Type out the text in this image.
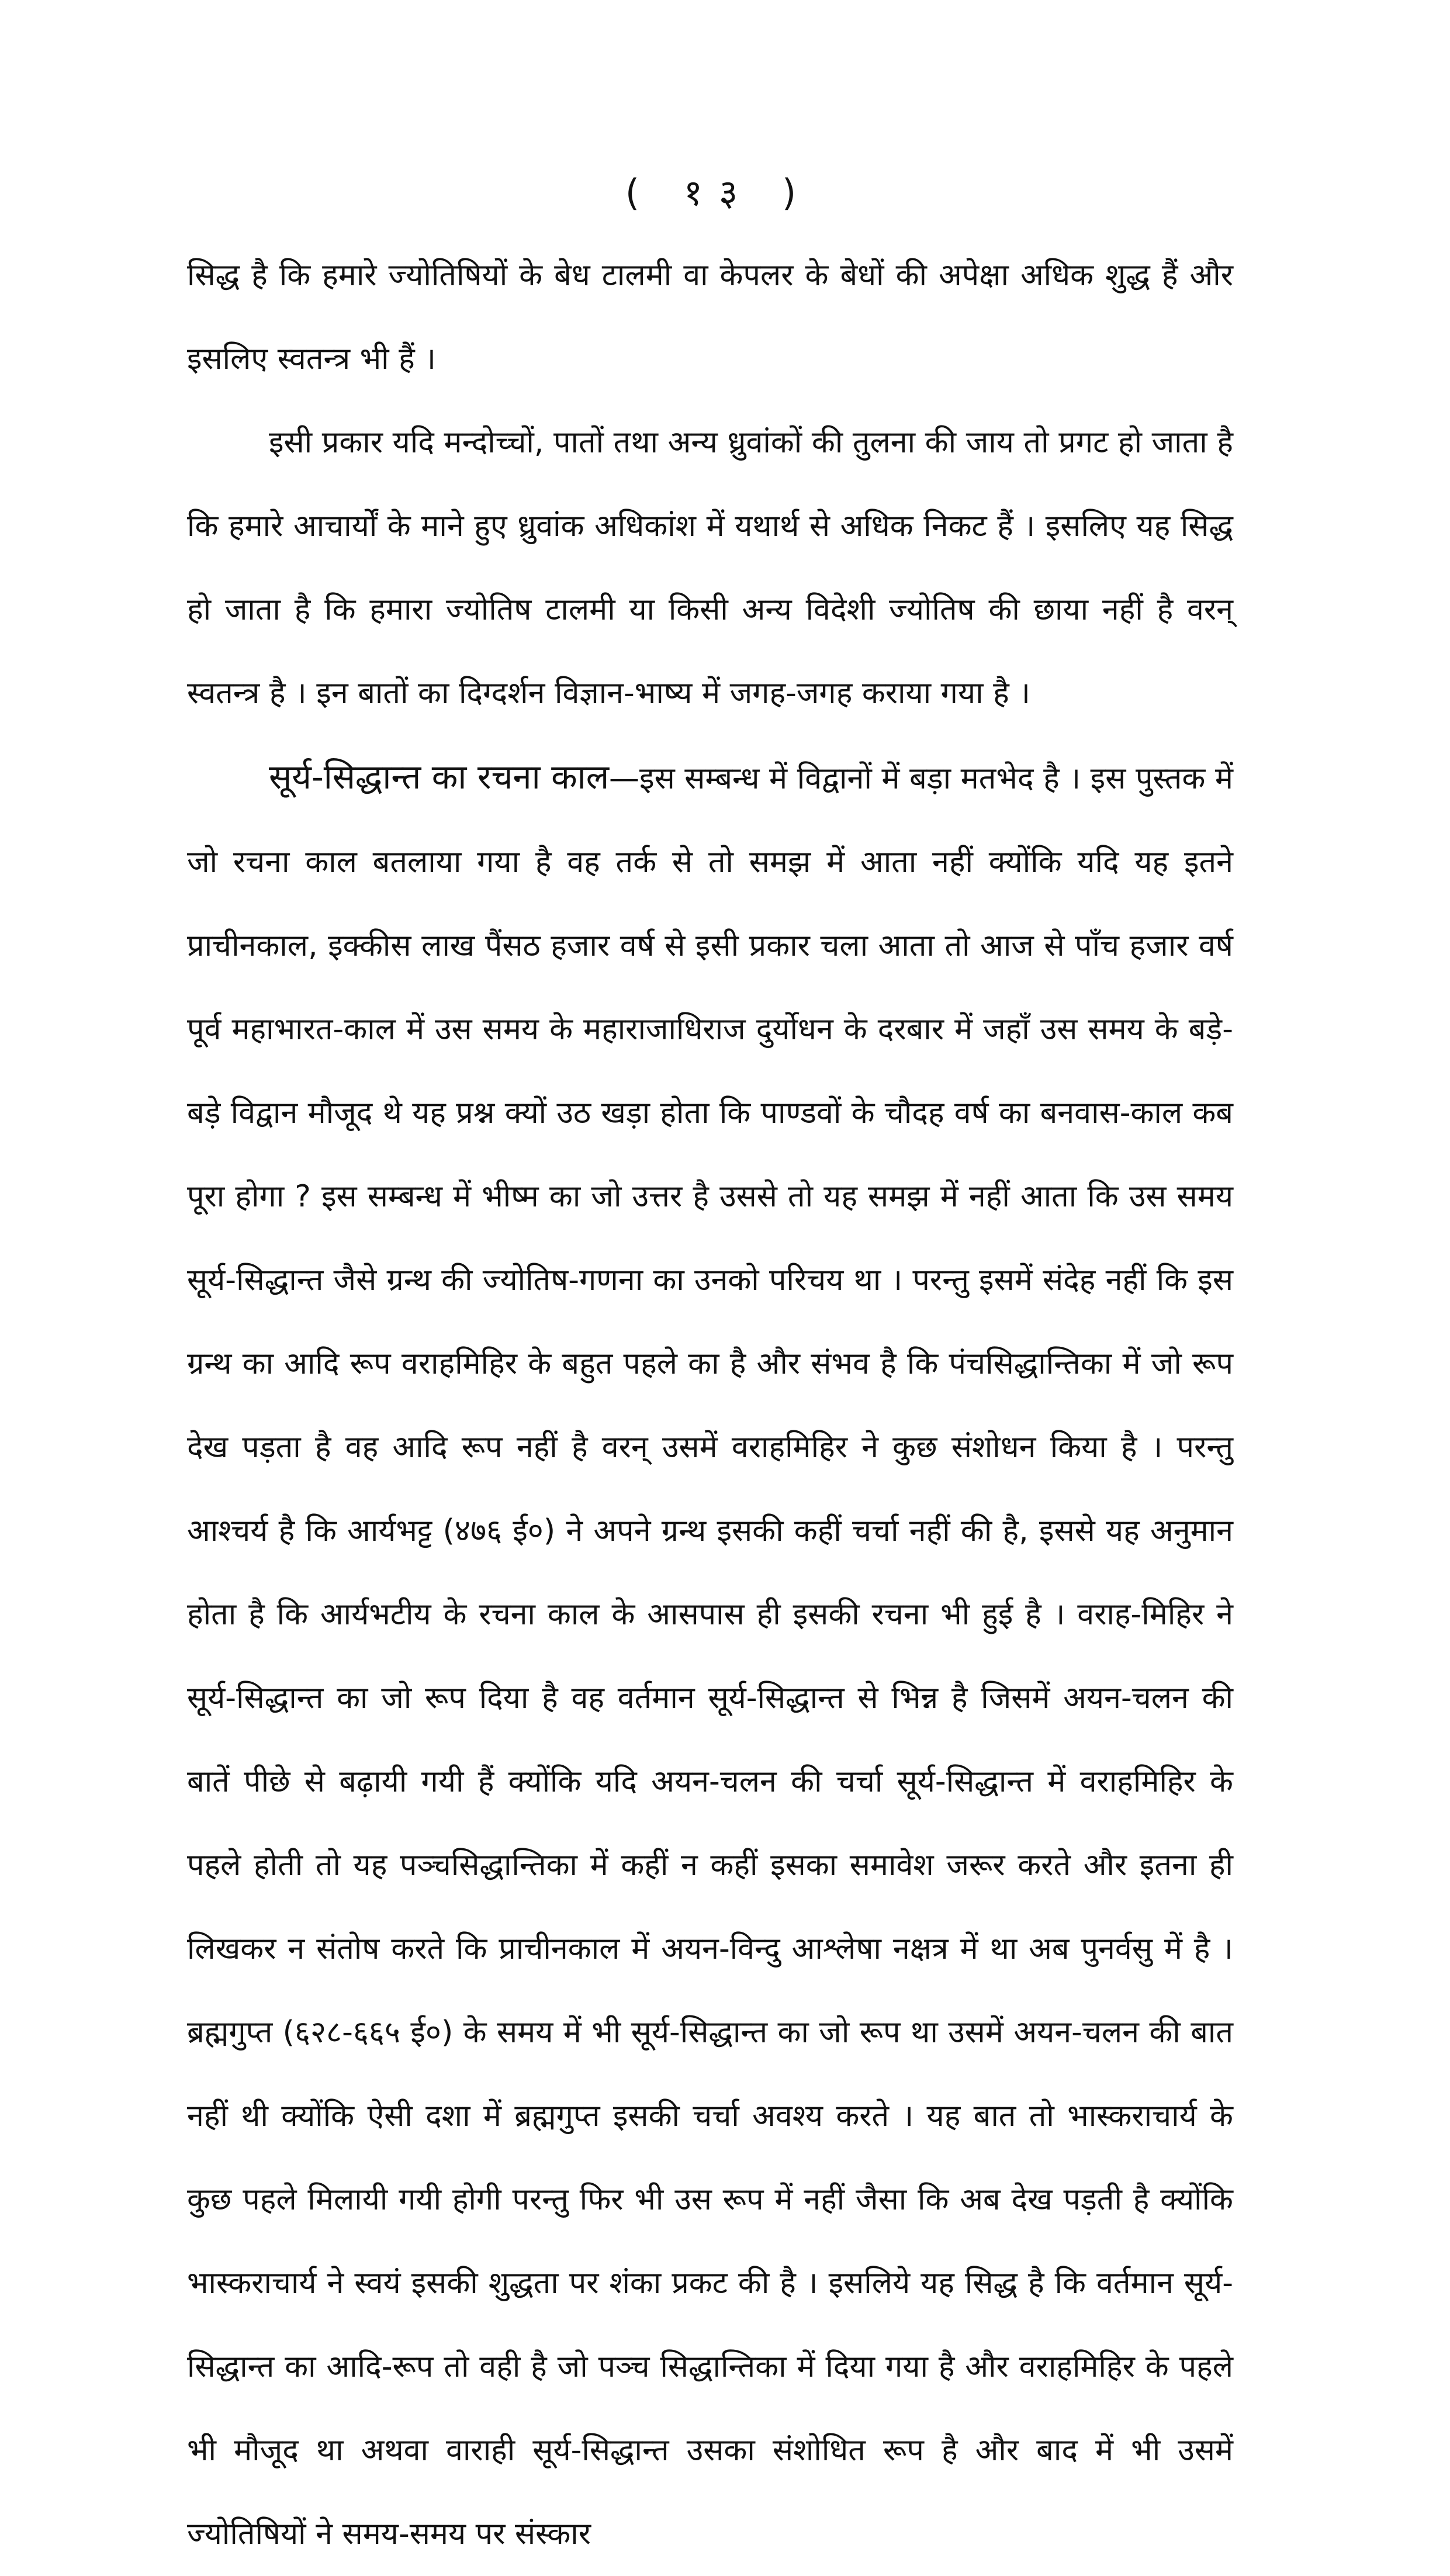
( १३ )

सिद्ध है कि हमारे ज्योतिषियों के बेध टालमी वा केपलर के बेधों की अपेक्षा अधिक शुद्ध हैं और इसलिए स्वतन्त्र भी हैं ।

इसी प्रकार यदि मन्दोच्चों, पातों तथा अन्य ध्रुवांकों की तुलना की जाय तो प्रगट हो जाता है कि हमारे आचार्यों के माने हुए ध्रुवांक अधिकांश में यथार्थ से अधिक निकट हैं । इसलिए यह सिद्ध हो जाता है कि हमारा ज्योतिष टालमी या किसी अन्य विदेशी ज्योतिष की छाया नहीं है वरन् स्वतन्त्र है । इन बातों का दिग्दर्शन विज्ञान-भाष्य में जगह-जगह कराया गया है ।

सूर्य-सिद्धान्त का रचना काल—इस सम्बन्ध में विद्वानों में बड़ा मतभेद है । इस पुस्तक में जो रचना काल बतलाया गया है वह तर्क से तो समझ में आता नहीं क्योंकि यदि यह इतने प्राचीनकाल, इक्कीस लाख पैंसठ हजार वर्ष से इसी प्रकार चला आता तो आज से पाँच हजार वर्ष पूर्व महाभारत-काल में उस समय के महाराजाधिराज दुर्योधन के दरबार में जहाँ उस समय के बड़े-बड़े विद्वान मौजूद थे यह प्रश्न क्यों उठ खड़ा होता कि पाण्डवों के चौदह वर्ष का बनवास-काल कब पूरा होगा ? इस सम्बन्ध में भीष्म का जो उत्तर है उससे तो यह समझ में नहीं आता कि उस समय सूर्य-सिद्धान्त जैसे ग्रन्थ की ज्योतिष-गणना का उनको परिचय था । परन्तु इसमें संदेह नहीं कि इस ग्रन्थ का आदि रूप वराहमिहिर के बहुत पहले का है और संभव है कि पंचसिद्धान्तिका में जो रूप देख पड़ता है वह आदि रूप नहीं है वरन् उसमें वराहमिहिर ने कुछ संशोधन किया है । परन्तु आश्चर्य है कि आर्यभट्ट (४७६ ई०) ने अपने ग्रन्थ इसकी कहीं चर्चा नहीं की है, इससे यह अनुमान होता है कि आर्यभटीय के रचना काल के आसपास ही इसकी रचना भी हुई है । वराह-मिहिर ने सूर्य-सिद्धान्त का जो रूप दिया है वह वर्तमान सूर्य-सिद्धान्त से भिन्न है जिसमें अयन-चलन की बातें पीछे से बढ़ायी गयी हैं क्योंकि यदि अयन-चलन की चर्चा सूर्य-सिद्धान्त में वराहमिहिर के पहले होती तो यह पञ्चसिद्धान्तिका में कहीं न कहीं इसका समावेश जरूर करते और इतना ही लिखकर न संतोष करते कि प्राचीनकाल में अयन-विन्दु आश्लेषा नक्षत्र में था अब पुनर्वसु में है । ब्रह्मगुप्त (६२८-६६५ ई०) के समय में भी सूर्य-सिद्धान्त का जो रूप था उसमें अयन-चलन की बात नहीं थी क्योंकि ऐसी दशा में ब्रह्मगुप्त इसकी चर्चा अवश्य करते । यह बात तो भास्कराचार्य के कुछ पहले मिलायी गयी होगी परन्तु फिर भी उस रूप में नहीं जैसा कि अब देख पड़ती है क्योंकि भास्कराचार्य ने स्वयं इसकी शुद्धता पर शंका प्रकट की है । इसलिये यह सिद्ध है कि वर्तमान सूर्य-सिद्धान्त का आदि-रूप तो वही है जो पञ्च सिद्धान्तिका में दिया गया है और वराहमिहिर के पहले भी मौजूद था अथवा वाराही सूर्य-सिद्धान्त उसका संशोधित रूप है और बाद में भी उसमें ज्योतिषियों ने समय-समय पर संस्कार
